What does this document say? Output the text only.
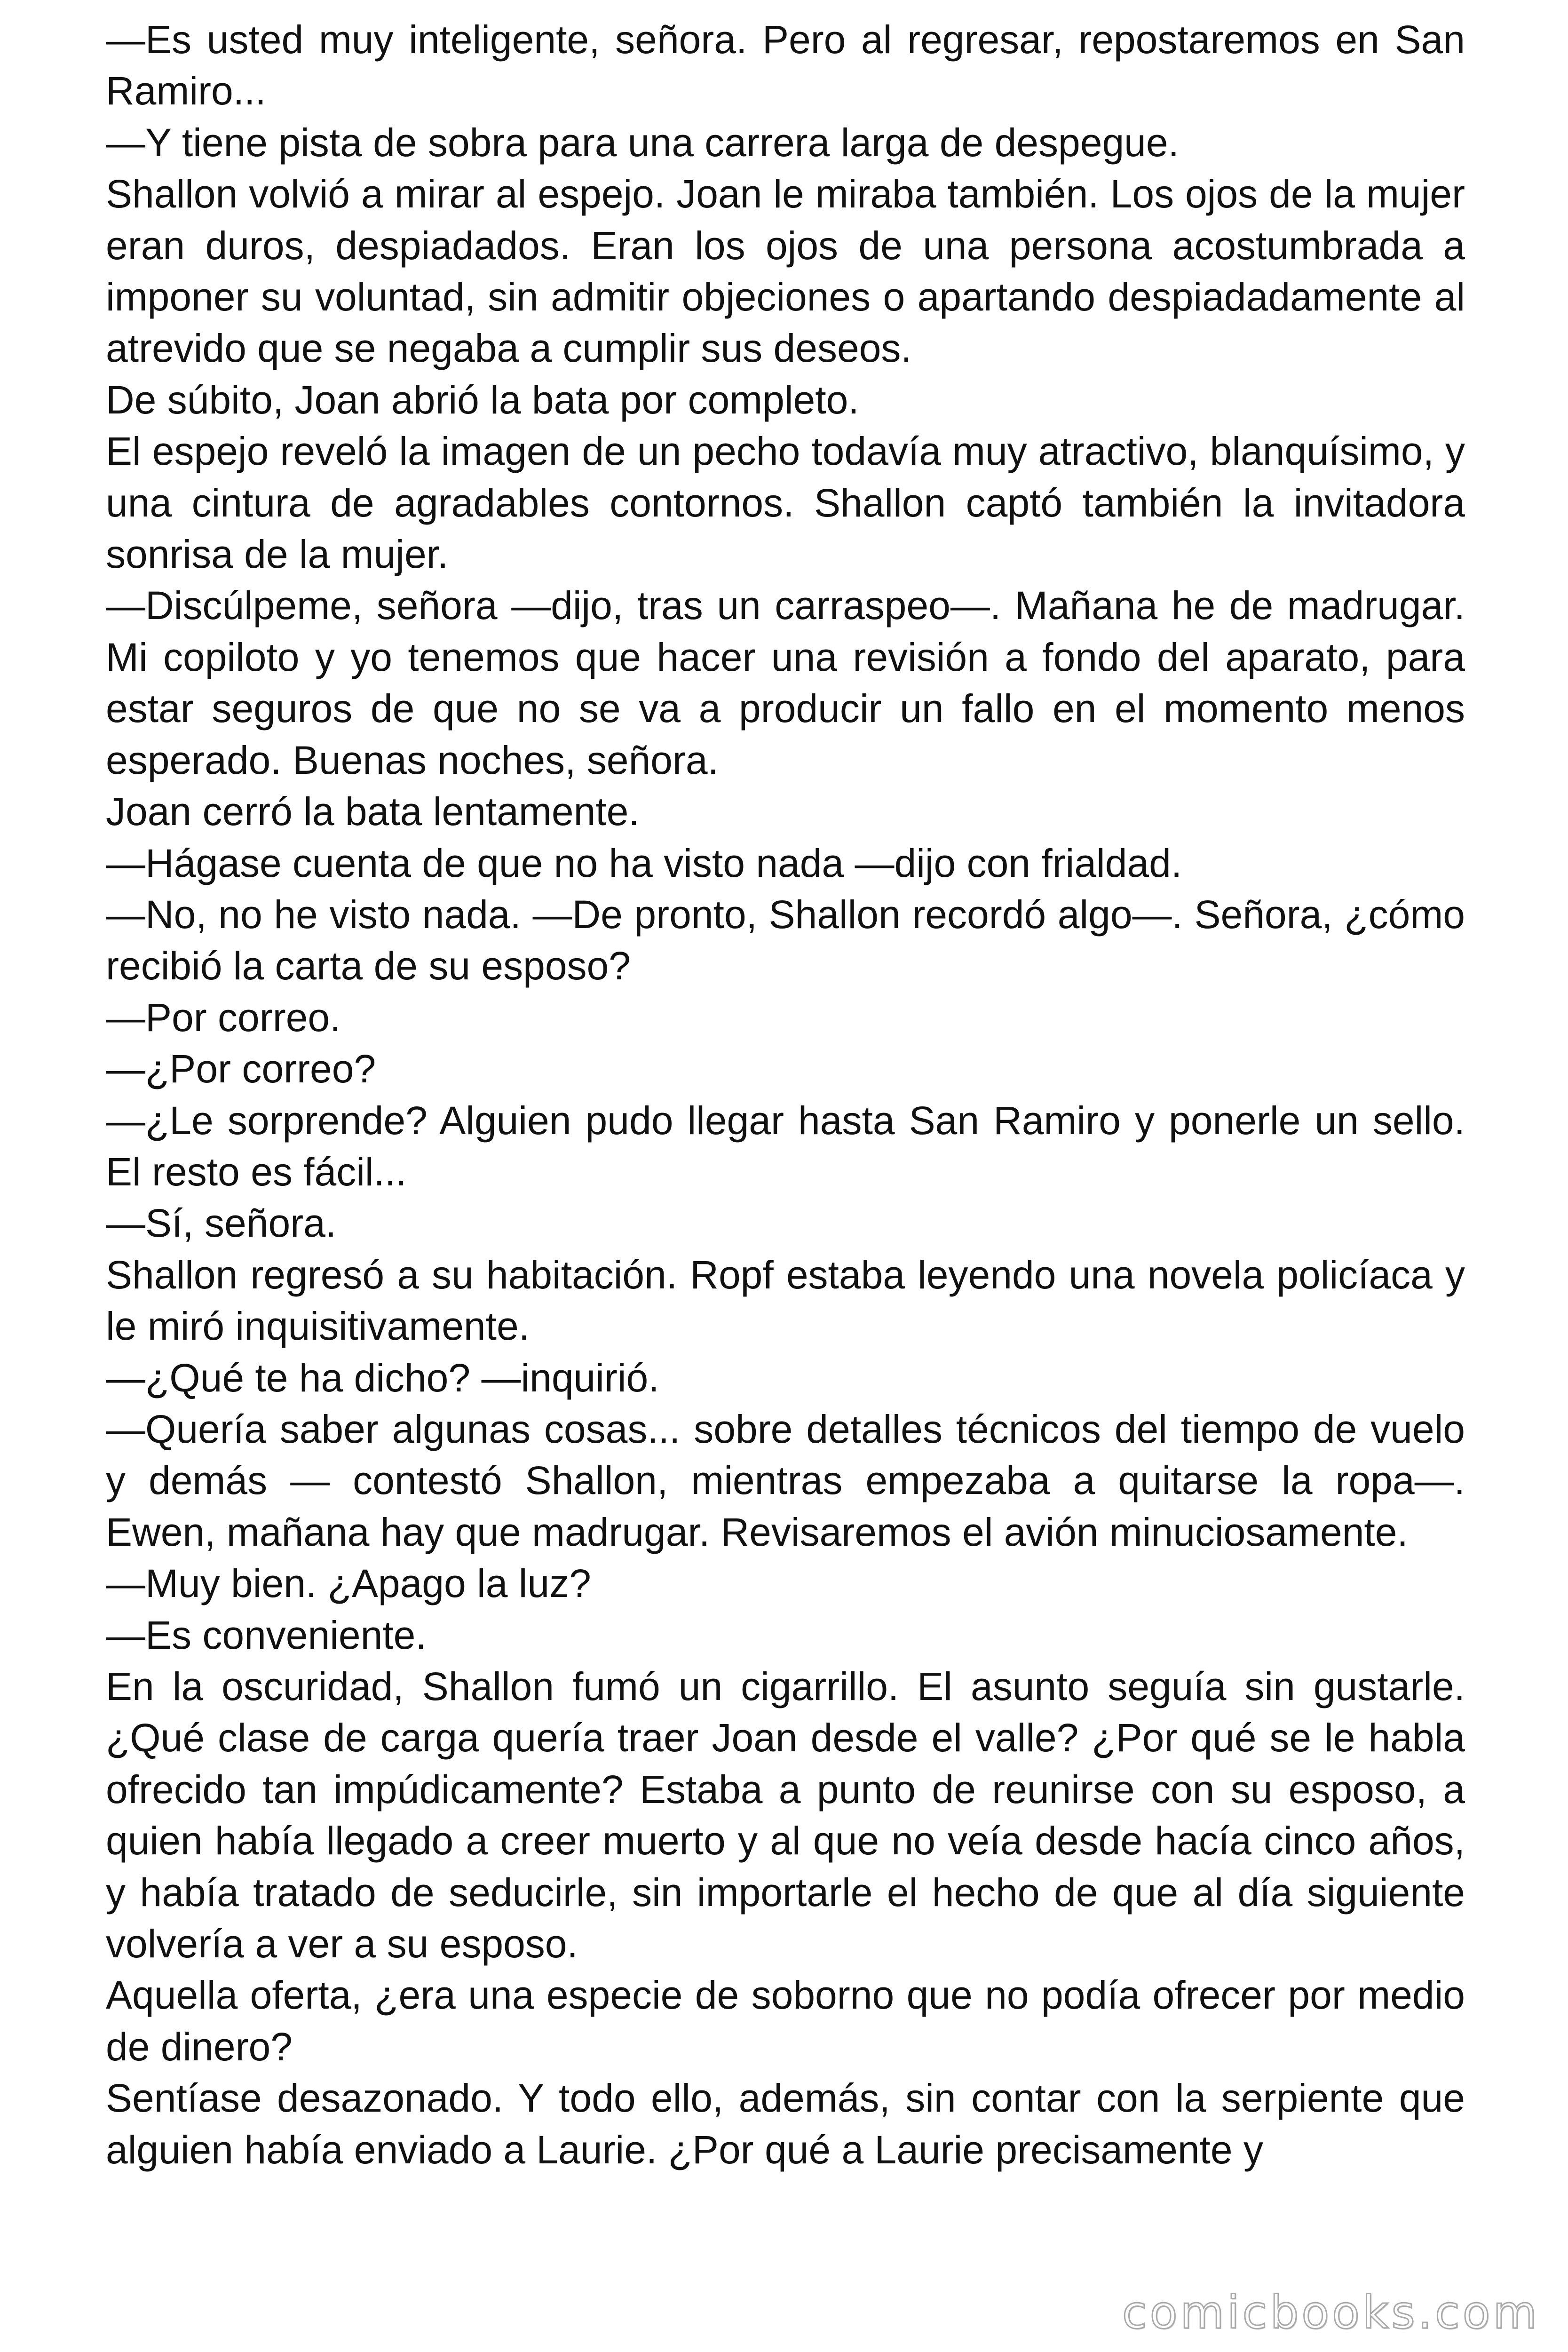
—Es usted muy inteligente, señora. Pero al regresar, repostaremos en San Ramiro...

—Y tiene pista de sobra para una carrera larga de despegue.

Shallon volvió a mirar al espejo. Joan le miraba también. Los ojos de la mujer eran duros, despiadados. Eran los ojos de una persona acostumbrada a imponer su voluntad, sin admitir objeciones o apartando despiadadamente al atrevido que se negaba a cumplir sus deseos.

De súbito, Joan abrió la bata por completo.

El espejo reveló la imagen de un pecho todavía muy atractivo, blanquísimo, y una cintura de agradables contornos. Shallon captó también la invitadora sonrisa de la mujer.

—Discúlpeme, señora —dijo, tras un carraspeo—. Mañana he de madrugar. Mi copiloto y yo tenemos que hacer una revisión a fondo del aparato, para estar seguros de que no se va a producir un fallo en el momento menos esperado. Buenas noches, señora.

Joan cerró la bata lentamente.

—Hágase cuenta de que no ha visto nada —dijo con frialdad.

—No, no he visto nada. —De pronto, Shallon recordó algo—. Señora, ¿cómo recibió la carta de su esposo?

—Por correo.

—¿Por correo?

—¿Le sorprende? Alguien pudo llegar hasta San Ramiro y ponerle un sello. El resto es fácil...

—Sí, señora.

Shallon regresó a su habitación. Ropf estaba leyendo una novela policíaca y le miró inquisitivamente.

—¿Qué te ha dicho? —inquirió.

—Quería saber algunas cosas... sobre detalles técnicos del tiempo de vuelo y demás — contestó Shallon, mientras empezaba a quitarse la ropa—. Ewen, mañana hay que madrugar. Revisaremos el avión minuciosamente.

—Muy bien. ¿Apago la luz?

—Es conveniente.

En la oscuridad, Shallon fumó un cigarrillo. El asunto seguía sin gustarle. ¿Qué clase de carga quería traer Joan desde el valle? ¿Por qué se le habla ofrecido tan impúdicamente? Estaba a punto de reunirse con su esposo, a quien había llegado a creer muerto y al que no veía desde hacía cinco años, y había tratado de seducirle, sin importarle el hecho de que al día siguiente volvería a ver a su esposo.

Aquella oferta, ¿era una especie de soborno que no podía ofrecer por medio de dinero?

Sentíase desazonado. Y todo ello, además, sin contar con la serpiente que alguien había enviado a Laurie. ¿Por qué a Laurie precisamente y

comicbooks.com
